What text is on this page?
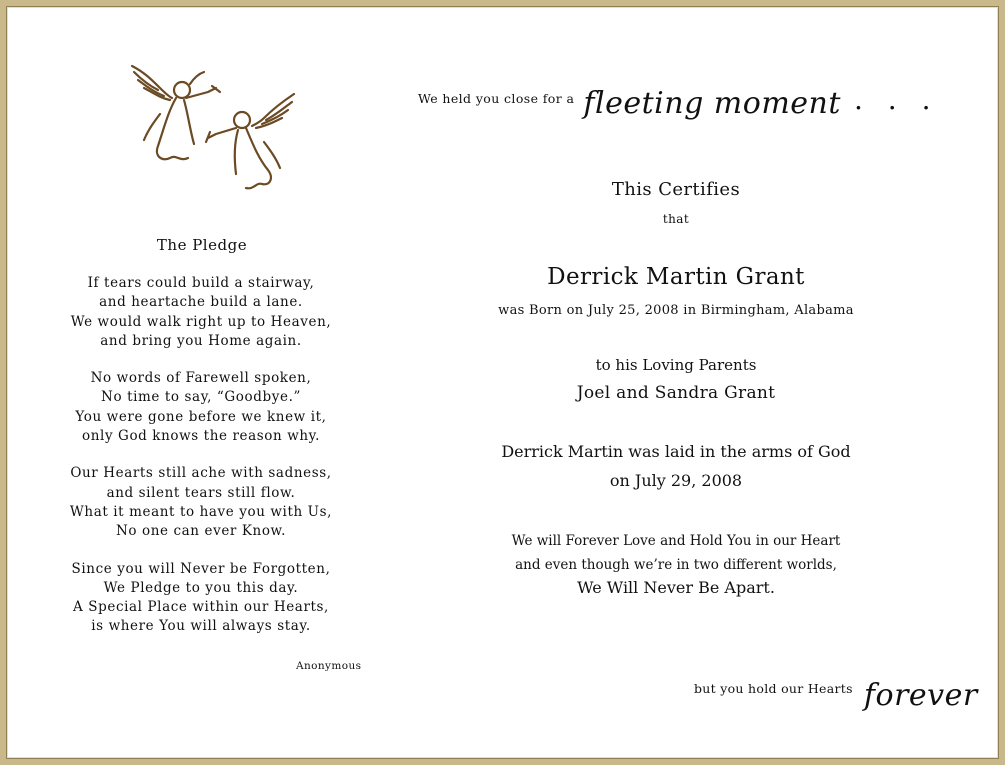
The Pledge
If tears could build a stairway,
and heartache build a lane.
We would walk right up to Heaven,
and bring you Home again.
No words of Farewell spoken,
No time to say, “Goodbye.”
You were gone before we knew it,
only God knows the reason why.
Our Hearts still ache with sadness,
and silent tears still flow.
What it meant to have you with Us,
No one can ever Know.
Since you will Never be Forgotten,
We Pledge to you this day.
A Special Place within our Hearts,
is where You will always stay.
Anonymous
We held you close for a fleeting moment . . .
This Certifies
that
Derrick Martin Grant
was Born on July 25, 2008 in Birmingham, Alabama
to his Loving Parents
Joel and Sandra Grant
Derrick Martin was laid in the arms of God
on July 29, 2008
We will Forever Love and Hold You in our Heart
and even though we’re in two different worlds,
We Will Never Be Apart.
but you hold our Hearts forever
